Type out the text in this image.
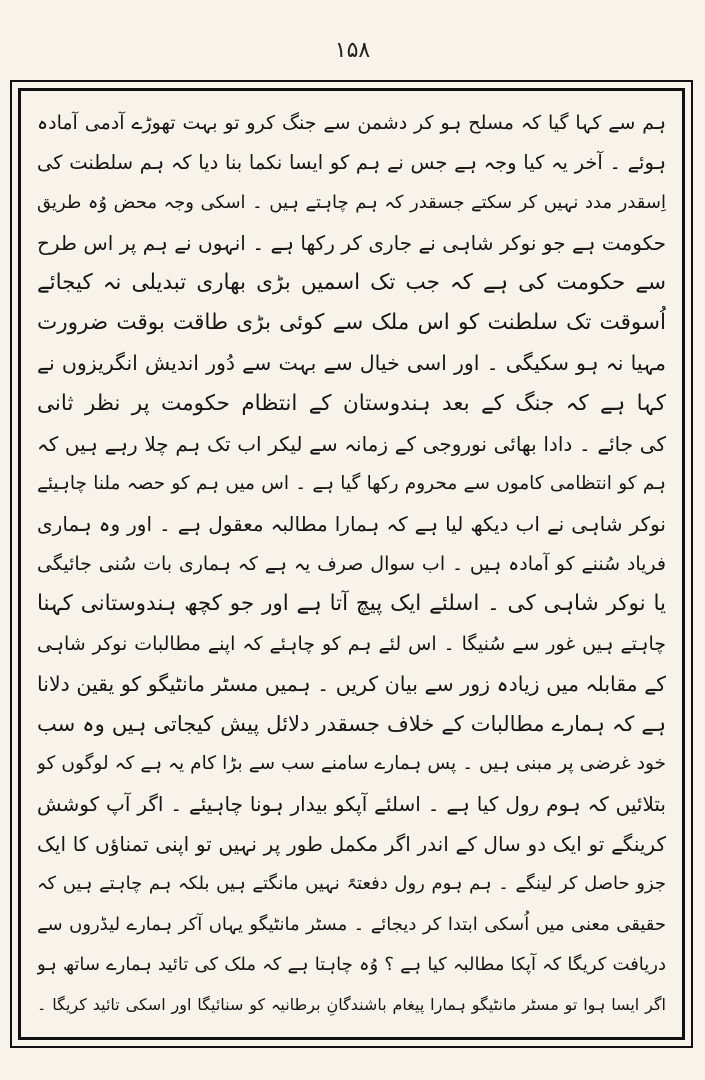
۱۵۸
ہم سے کہا گیا کہ مسلح ہو کر دشمن سے جنگ کرو تو بہت تھوڑے آدمی آمادہ
ہوئے ۔ آخر یہ کیا وجہ ہے جس نے ہم کو ایسا نکما بنا دیا کہ ہم سلطنت کی
اِسقدر مدد نہیں کر سکتے جسقدر کہ ہم چاہتے ہیں ۔ اسکی وجہ محض وُہ طریق
حکومت ہے جو نوکر شاہی نے جاری کر رکھا ہے ۔ انہوں نے ہم پر اس طرح
سے حکومت کی ہے کہ جب تک اسمیں بڑی بھاری تبدیلی نہ کیجائے
اُسوقت تک سلطنت کو اس ملک سے کوئی بڑی طاقت بوقت ضرورت
مہیا نہ ہو سکیگی ۔ اور اسی خیال سے بہت سے دُور اندیش انگریزوں نے
کہا ہے کہ جنگ کے بعد ہندوستان کے انتظام حکومت پر نظر ثانی
کی جائے ۔ دادا بھائی نوروجی کے زمانہ سے لیکر اب تک ہم چلا رہے ہیں کہ
ہم کو انتظامی کاموں سے محروم رکھا گیا ہے ۔ اس میں ہم کو حصہ ملنا چاہیئے
نوکر شاہی نے اب دیکھ لیا ہے کہ ہمارا مطالبہ معقول ہے ۔ اور وہ ہماری
فریاد سُننے کو آمادہ ہیں ۔ اب سوال صرف یہ ہے کہ ہماری بات سُنی جائیگی
یا نوکر شاہی کی ۔ اسلئے ایک پیچ آتا ہے اور جو کچھ ہندوستانی کہنا
چاہتے ہیں غور سے سُنیگا ۔ اس لئے ہم کو چاہئے کہ اپنے مطالبات نوکر شاہی
کے مقابلہ میں زیادہ زور سے بیان کریں ۔ ہمیں مسٹر مانٹیگو کو یقین دلانا
ہے کہ ہمارے مطالبات کے خلاف جسقدر دلائل پیش کیجاتی ہیں وہ سب
خود غرضی پر مبنی ہیں ۔ پس ہمارے سامنے سب سے بڑا کام یہ ہے کہ لوگوں کو
بتلائیں کہ ہوم رول کیا ہے ۔ اسلئے آپکو بیدار ہونا چاہیئے ۔ اگر آپ کوشش
کرینگے تو ایک دو سال کے اندر اگر مکمل طور پر نہیں تو اپنی تمناؤں کا ایک
جزو حاصل کر لینگے ۔ ہم ہوم رول دفعتہً نہیں مانگتے ہیں بلکہ ہم چاہتے ہیں کہ
حقیقی معنی میں اُسکی ابتدا کر دیجائے ۔ مسٹر مانٹیگو یہاں آکر ہمارے لیڈروں سے
دریافت کریگا کہ آپکا مطالبہ کیا ہے ؟ وُہ چاہتا ہے کہ ملک کی تائید ہمارے ساتھ ہو
اگر ایسا ہوا تو مسٹر مانٹیگو ہمارا پیغام باشندگانِ برطانیہ کو سنائیگا اور اسکی تائید کریگا ۔
